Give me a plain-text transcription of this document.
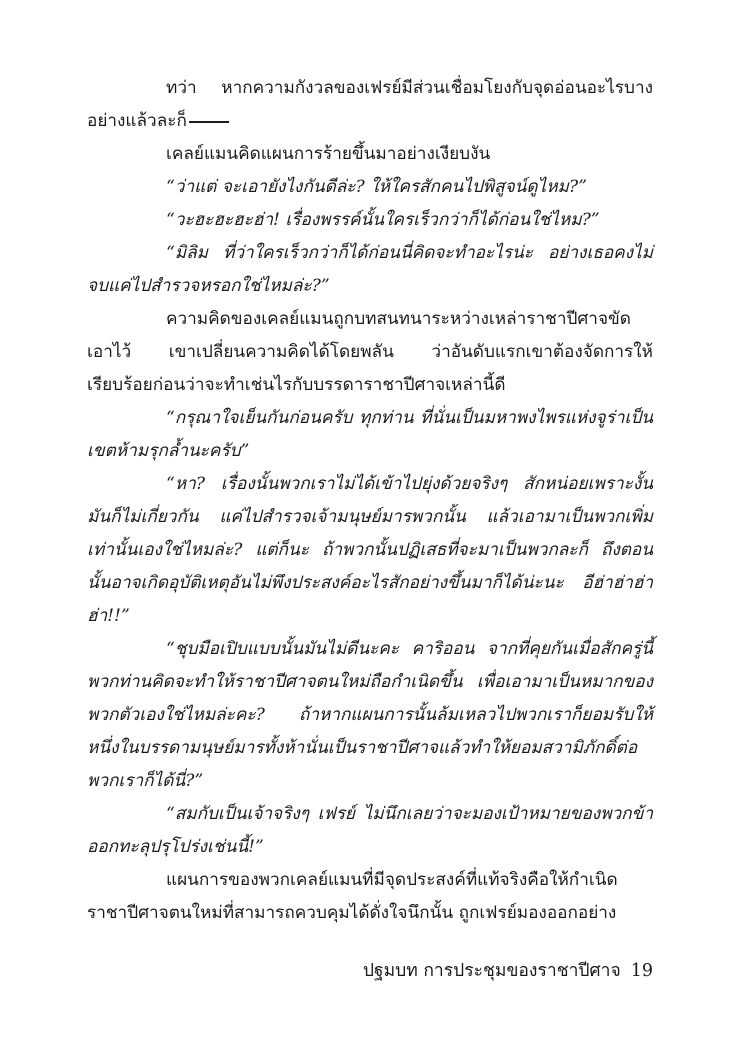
ทว่า หากความกังวลของเฟรย์มีส่วนเชื่อมโยงกับจุดอ่อนอะไรบางอย่างแล้วละก็

เคลย์แมนคิดแผนการร้ายขึ้นมาอย่างเงียบงัน

“ว่าแต่ จะเอายังไงกันดีล่ะ? ให้ใครสักคนไปพิสูจน์ดูไหม?”

“วะฮะฮะฮะฮ่า! เรื่องพรรค์นั้นใครเร็วกว่าก็ได้ก่อนใช่ไหม?”

“มิลิม ที่ว่าใครเร็วกว่าก็ได้ก่อนนี่คิดจะทำอะไรน่ะ อย่างเธอคงไม่จบแค่ไปสำรวจหรอกใช่ไหมล่ะ?”

ความคิดของเคลย์แมนถูกบทสนทนาระหว่างเหล่าราชาปีศาจขัดเอาไว้ เขาเปลี่ยนความคิดได้โดยพลัน ว่าอันดับแรกเขาต้องจัดการให้เรียบร้อยก่อนว่าจะทำเช่นไรกับบรรดาราชาปีศาจเหล่านี้ดี

“กรุณาใจเย็นกันก่อนครับ ทุกท่าน ที่นั่นเป็นมหาพงไพรแห่งจูร่าเป็นเขตห้ามรุกล้ำนะครับ”

“หา? เรื่องนั้นพวกเราไม่ได้เข้าไปยุ่งด้วยจริงๆ สักหน่อยเพราะงั้นมันก็ไม่เกี่ยวกัน แค่ไปสำรวจเจ้ามนุษย์มารพวกนั้น แล้วเอามาเป็นพวกเพิ่มเท่านั้นเองใช่ไหมล่ะ? แต่ก็นะ ถ้าพวกนั้นปฏิเสธที่จะมาเป็นพวกละก็ ถึงตอนนั้นอาจเกิดอุบัติเหตุอันไม่พึงประสงค์อะไรสักอย่างขึ้นมาก็ได้น่ะนะ อีฮ่าฮ่าฮ่าฮ่า!!”

“ชุบมือเปิบแบบนั้นมันไม่ดีนะคะ คาริออน จากที่คุยกันเมื่อสักครู่นี้ พวกท่านคิดจะทำให้ราชาปีศาจตนใหม่ถือกำเนิดขึ้น เพื่อเอามาเป็นหมากของพวกตัวเองใช่ไหมล่ะคะ? ถ้าหากแผนการนั้นล้มเหลวไปพวกเราก็ยอมรับให้หนึ่งในบรรดามนุษย์มารทั้งห้านั่นเป็นราชาปีศาจแล้วทำให้ยอมสวามิภักดิ์ต่อพวกเราก็ได้นี่?”

“สมกับเป็นเจ้าจริงๆ เฟรย์ ไม่นึกเลยว่าจะมองเป้าหมายของพวกข้าออกทะลุปรุโปร่งเช่นนี้!”

แผนการของพวกเคลย์แมนที่มีจุดประสงค์ที่แท้จริงคือให้กำเนิดราชาปีศาจตนใหม่ที่สามารถควบคุมได้ดั่งใจนึกนั้น ถูกเฟรย์มองออกอย่าง

ปฐมบท การประชุมของราชาปีศาจ 19
